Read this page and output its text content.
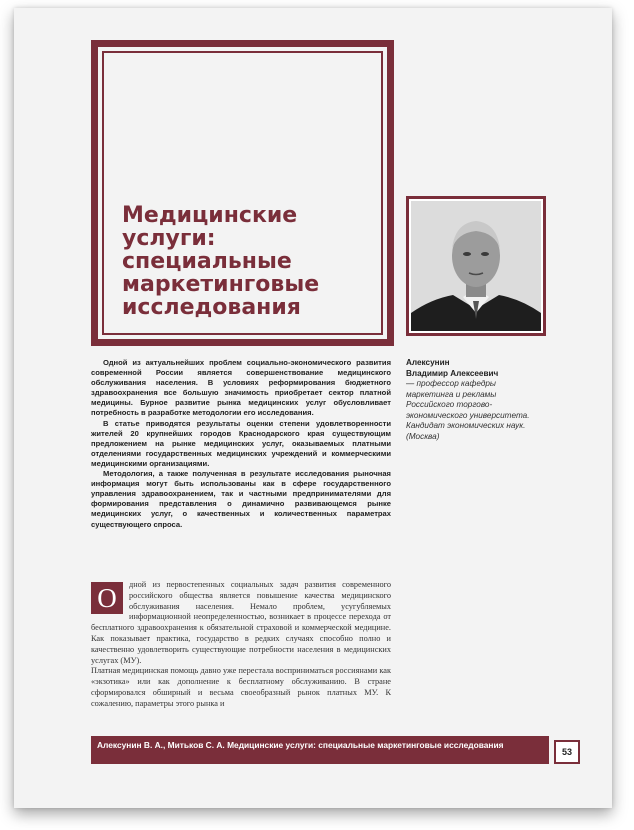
Медицинские услуги:
специальные
маркетинговые
исследования
Алексунин
Владимир Алексеевич
— профессор кафедры
маркетинга и рекламы
Российского торгово-
экономического университета.
Кандидат экономических наук.
(Москва)

Одной из актуальнейших проблем социально-экономического развития современной России является совершенствование медицинского обслуживания населения. В условиях реформирования бюджетного здравоохранения все большую значимость приобретает сектор платной медицины. Бурное развитие рынка медицинских услуг обусловливает потребность в разработке методологии его исследования.

В статье приводятся результаты оценки степени удовлетворенности жителей 20 крупнейших городов Краснодарского края существующим предложением на рынке медицинских услуг, оказываемых платными отделениями государственных медицинских учреждений и коммерческими медицинскими организациями.

Методология, а также полученная в результате исследования рыночная информация могут быть использованы как в сфере государственного управления здравоохранением, так и частными предпринимателями для формирования представления о динамично развивающемся рынке медицинских услуг, о качественных и количественных параметрах существующего спроса.

О	дной из первостепенных социальных задач развития современного российского общества является повышение качества медицинского обслуживания населения. Немало проблем, усугубляемых информационной неопределенностью, возникает в процессе перехода от бесплатного здравоохранения к обязательной страховой и коммерческой медицине. Как показывает практика, государство в редких случаях способно полно и качественно удовлетворить существующие потребности населения в медицинских услугах (МУ).

Платная медицинская помощь давно уже перестала восприниматься россиянами как «экзотика» или как дополнение к бесплатному обслуживанию. В стране сформировался обширный и весьма своеобразный рынок платных МУ. К сожалению, параметры этого рынка и

Алексунин В. А., Митьков С. А. Медицинские услуги: специальные маркетинговые исследования
53
